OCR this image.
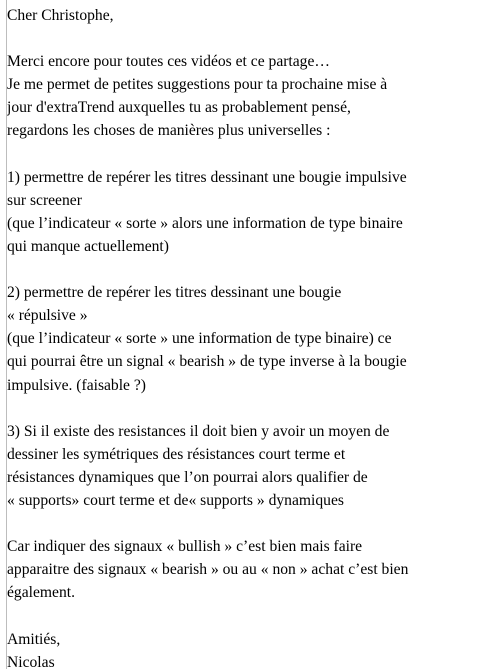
Cher Christophe,
Merci encore pour toutes ces vidéos et ce partage…
Je me permet de petites suggestions pour ta prochaine mise à
jour d'extraTrend auxquelles tu as probablement pensé,
regardons les choses de manières plus universelles :
1) permettre de repérer les titres dessinant une bougie impulsive
sur screener
(que l’indicateur « sorte » alors une information de type binaire
qui manque actuellement)
2) permettre de repérer les titres dessinant une bougie
« répulsive »
(que l’indicateur « sorte » une information de type binaire) ce
qui pourrai être un signal « bearish » de type inverse à la bougie
impulsive. (faisable ?)
3) Si il existe des resistances il doit bien y avoir un moyen de
dessiner les symétriques des résistances court terme et
résistances dynamiques que l’on pourrai alors qualifier de
« supports» court terme et de« supports » dynamiques
Car indiquer des signaux « bullish » c’est bien mais faire
apparaitre des signaux « bearish » ou au « non » achat c’est bien
également.
Amitiés,
Nicolas
